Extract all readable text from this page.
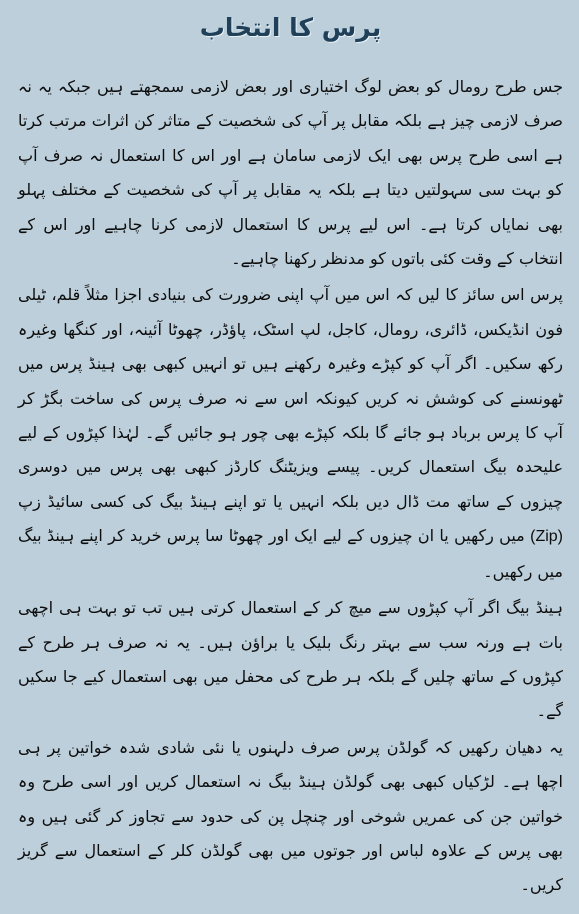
پرس کا انتخاب

جس طرح رومال کو بعض لوگ اختیاری اور بعض لازمی سمجھتے ہیں جبکہ یہ نہ صرف لازمی چیز ہے بلکہ مقابل پر آپ کی شخصیت کے متاثر کن اثرات مرتب کرتا ہے اسی طرح پرس بھی ایک لازمی سامان ہے اور اس کا استعمال نہ صرف آپ کو بہت سی سہولتیں دیتا ہے بلکہ یہ مقابل پر آپ کی شخصیت کے مختلف پہلو بھی نمایاں کرتا ہے۔ اس لیے پرس کا استعمال لازمی کرنا چاہیے اور اس کے انتخاب کے وقت کئی باتوں کو مدنظر رکھنا چاہیے۔

پرس اس سائز کا لیں کہ اس میں آپ اپنی ضرورت کی بنیادی اجزا مثلاً قلم، ٹیلی فون انڈیکس، ڈائری، رومال، کاجل، لپ اسٹک، پاؤڈر، چھوٹا آئینہ، اور کنگھا وغیرہ رکھ سکیں۔ اگر آپ کو کپڑے وغیرہ رکھنے ہیں تو انہیں کبھی بھی ہینڈ پرس میں ٹھونسنے کی کوشش نہ کریں کیونکہ اس سے نہ صرف پرس کی ساخت بگڑ کر آپ کا پرس برباد ہو جائے گا بلکہ کپڑے بھی چور ہو جائیں گے۔ لہٰذا کپڑوں کے لیے علیحدہ بیگ استعمال کریں۔ پیسے ویزیٹنگ کارڈز کبھی بھی پرس میں دوسری چیزوں کے ساتھ مت ڈال دیں بلکہ انہیں یا تو اپنے ہینڈ بیگ کی کسی سائیڈ زپ (Zip) میں رکھیں یا ان چیزوں کے لیے ایک اور چھوٹا سا پرس خرید کر اپنے ہینڈ بیگ میں رکھیں۔

ہینڈ بیگ اگر آپ کپڑوں سے میچ کر کے استعمال کرتی ہیں تب تو بہت ہی اچھی بات ہے ورنہ سب سے بہتر رنگ بلیک یا براؤن ہیں۔ یہ نہ صرف ہر طرح کے کپڑوں کے ساتھ چلیں گے بلکہ ہر طرح کی محفل میں بھی استعمال کیے جا سکیں گے۔

یہ دھیان رکھیں کہ گولڈن پرس صرف دلہنوں یا نئی شادی شدہ خواتین پر ہی اچھا ہے۔ لڑکیاں کبھی بھی گولڈن ہینڈ بیگ نہ استعمال کریں اور اسی طرح وہ خواتین جن کی عمریں شوخی اور چنچل پن کی حدود سے تجاوز کر گئی ہیں وہ بھی پرس کے علاوہ لباس اور جوتوں میں بھی گولڈن کلر کے استعمال سے گریز کریں۔
